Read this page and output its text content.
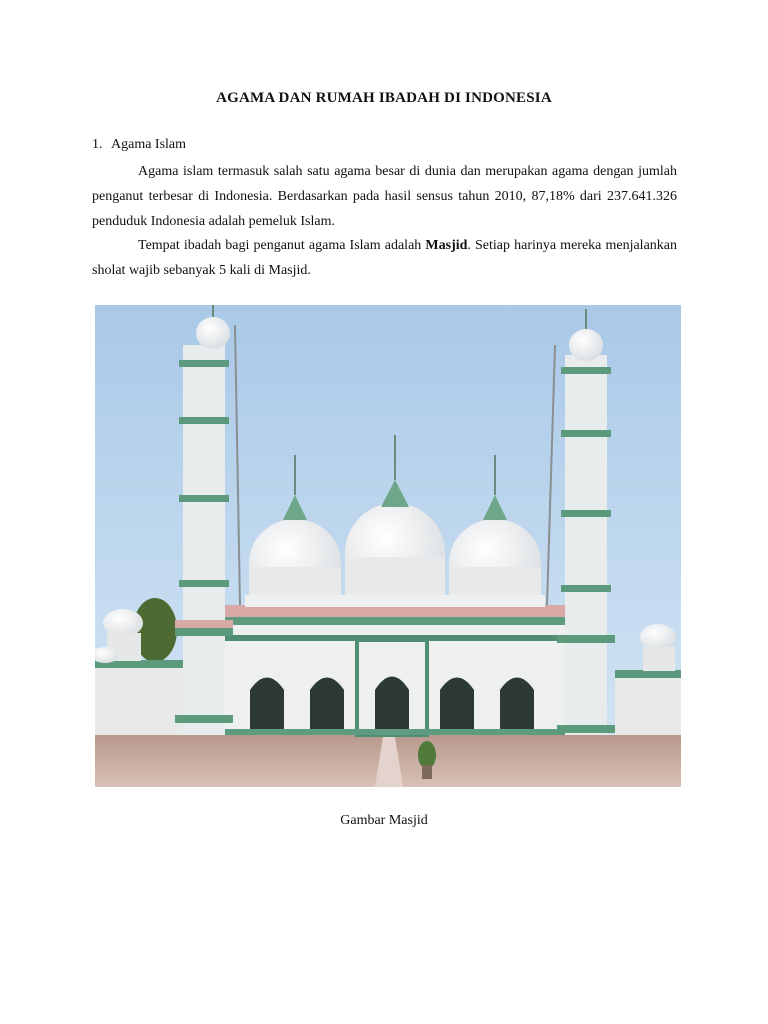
AGAMA DAN RUMAH IBADAH DI INDONESIA
1. Agama Islam

Agama islam termasuk salah satu agama besar di dunia dan merupakan agama dengan jumlah penganut terbesar di Indonesia. Berdasarkan pada hasil sensus tahun 2010, 87,18% dari 237.641.326 penduduk Indonesia adalah pemeluk Islam.

Tempat ibadah bagi penganut agama Islam adalah Masjid. Setiap harinya mereka menjalankan sholat wajib sebanyak 5 kali di Masjid.

Gambar Masjid
